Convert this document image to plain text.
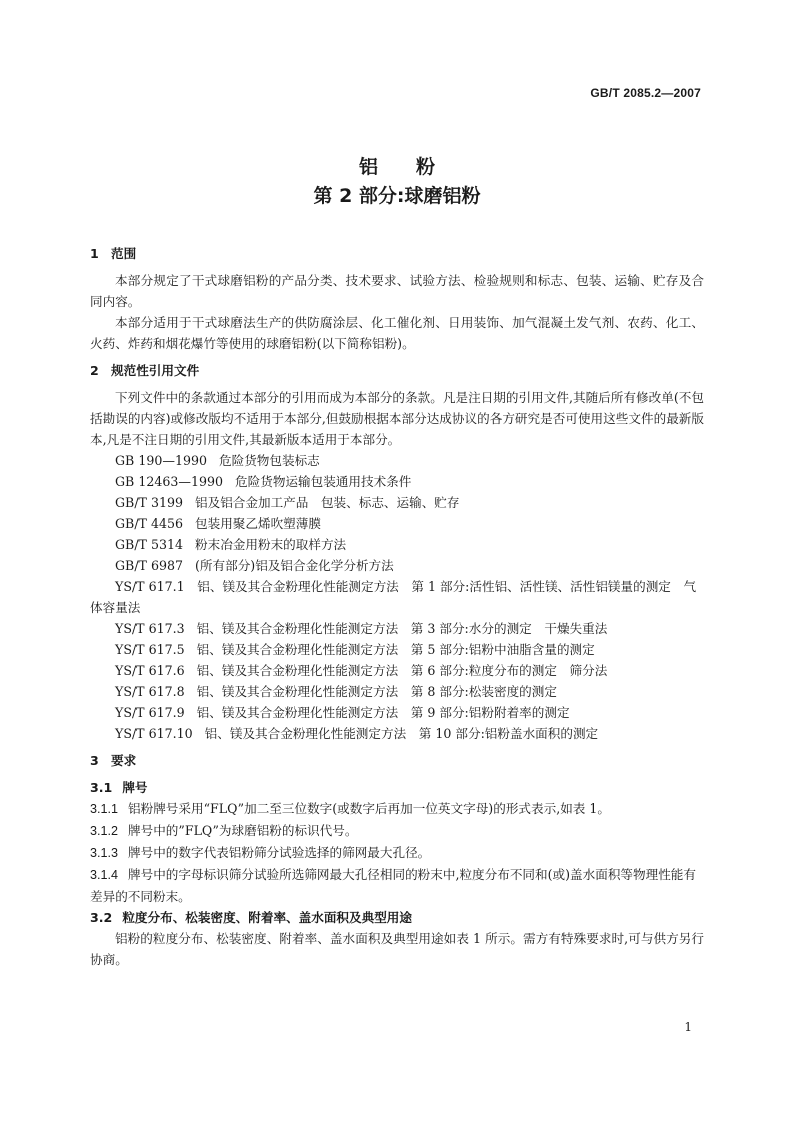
GB/T 2085.2—2007
铝粉
第 2 部分:球磨铝粉

1 范围

本部分规定了干式球磨铝粉的产品分类、技术要求、试验方法、检验规则和标志、包装、运输、贮存及合同内容。

本部分适用于干式球磨法生产的供防腐涂层、化工催化剂、日用装饰、加气混凝土发气剂、农药、化工、火药、炸药和烟花爆竹等使用的球磨铝粉(以下简称铝粉)。

2 规范性引用文件

下列文件中的条款通过本部分的引用而成为本部分的条款。凡是注日期的引用文件,其随后所有修改单(不包括勘误的内容)或修改版均不适用于本部分,但鼓励根据本部分达成协议的各方研究是否可使用这些文件的最新版本,凡是不注日期的引用文件,其最新版本适用于本部分。

GB 190—1990 危险货物包装标志

GB 12463—1990 危险货物运输包装通用技术条件

GB/T 3199 铝及铝合金加工产品　包装、标志、运输、贮存

GB/T 4456 包装用聚乙烯吹塑薄膜

GB/T 5314 粉末冶金用粉末的取样方法

GB/T 6987 (所有部分)铝及铝合金化学分析方法

YS/T 617.1　 铝、镁及其合金粉理化性能测定方法　第 1 部分:活性铝、活性镁、活性铝镁量的测定　气体容量法

YS/T 617.3 铝、镁及其合金粉理化性能测定方法　第 3 部分:水分的测定　干燥失重法

YS/T 617.5 铝、镁及其合金粉理化性能测定方法　第 5 部分:铝粉中油脂含量的测定

YS/T 617.6 铝、镁及其合金粉理化性能测定方法　第 6 部分:粒度分布的测定　筛分法

YS/T 617.8 铝、镁及其合金粉理化性能测定方法　第 8 部分:松装密度的测定

YS/T 617.9 铝、镁及其合金粉理化性能测定方法　第 9 部分:铝粉附着率的测定

YS/T 617.10 铝、镁及其合金粉理化性能测定方法　第 10 部分:铝粉盖水面积的测定

3 要求

3.1 牌号

3.1.1 铝粉牌号采用“FLQ”加二至三位数字(或数字后再加一位英文字母)的形式表示,如表 1。

3.1.2 牌号中的”FLQ”为球磨铝粉的标识代号。

3.1.3 牌号中的数字代表铝粉筛分试验选择的筛网最大孔径。

3.1.4 牌号中的字母标识筛分试验所选筛网最大孔径相同的粉末中,粒度分布不同和(或)盖水面积等物理性能有差异的不同粉末。

3.2 粒度分布、松装密度、附着率、盖水面积及典型用途

铝粉的粒度分布、松装密度、附着率、盖水面积及典型用途如表 1 所示。需方有特殊要求时,可与供方另行协商。

1
